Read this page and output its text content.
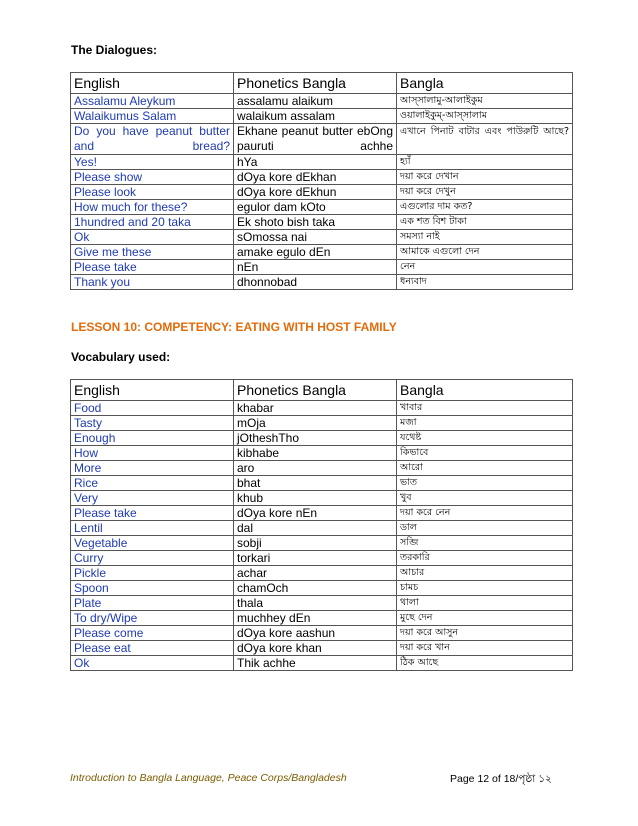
The Dialogues:
English	Phonetics Bangla	Bangla
Assalamu Aleykum	assalamu alaikum	আস্সালামু-আলাইকুম
Walaikumus Salam	walaikum assalam	ওয়ালাইকুম্-আস্সালাম
Do you have peanut butter and bread?	Ekhane peanut butter ebOng pauruti achhe	এখানে পিনাট বাটার এবং পাউরুটি আছে?
Yes!	hYa	হ্যাঁ
Please show	dOya kore dEkhan	দয়া করে দেখান
Please look	dOya kore dEkhun	দয়া করে দেখুন
How much for these?	egulor dam kOto	এগুলোর দাম কত?
1hundred and 20 taka	Ek shoto bish taka	এক শত বিশ টাকা
Ok	sOmossa nai	সমস্যা নাই
Give me these	amake egulo dEn	আমাকে এগুলো দেন
Please take	nEn	নেন
Thank you	dhonnobad	ধন্যবাদ
LESSON 10: COMPETENCY: EATING WITH HOST FAMILY
Vocabulary used:
English	Phonetics Bangla	Bangla
Food	khabar	খাবার
Tasty	mOja	মজা
Enough	jOtheshTho	যথেষ্ট
How	kibhabe	কিভাবে
More	aro	আরো
Rice	bhat	ভাত
Very	khub	খুব
Please take	dOya kore nEn	দয়া করে নেন
Lentil	dal	ডাল
Vegetable	sobji	সব্জি
Curry	torkari	তরকারি
Pickle	achar	আচার
Spoon	chamOch	চামচ
Plate	thala	থালা
To dry/Wipe	muchhey dEn	মুছে দেন
Please come	dOya kore aashun	দয়া করে আসুন
Please eat	dOya kore khan	দয়া করে খান
Ok	Thik achhe	ঠিক আছে
Introduction to Bangla Language, Peace Corps/Bangladesh	Page 12 of 18/পৃষ্ঠা ১২
